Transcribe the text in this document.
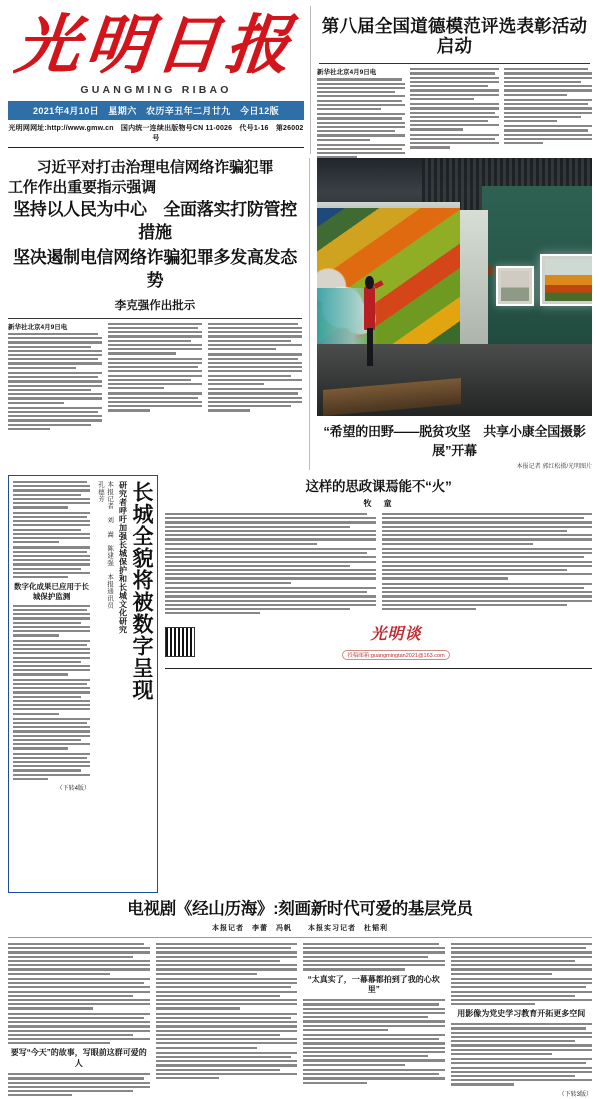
光明日报
GUANGMING RIBAO
2021年4月10日　星期六　农历辛丑年二月廿九　今日12版
光明网网址:http://www.gmw.cn　国内统一连续出版物号CN 11-0026　代号1-16　第26002号
第八届全国道德模范评选表彰活动启动
新华社北京4月9日电
习近平对打击治理电信网络诈骗犯罪
工作作出重要指示强调
坚持以人民为中心　全面落实打防管控措施
坚决遏制电信网络诈骗犯罪多发高发态势
李克强作出批示
新华社北京4月9日电
“希望的田野——脱贫攻坚　共享小康全国摄影展”开幕
本报记者 郭红松摄/光明图片
长城全貌将被数字呈现
研究者呼吁加强长城保护和长城文化研究
本报记者　刘　嵩　陈建强　本报通讯员　孔德芳
数字化成果已应用于长城保护监测
（下转4版）
这样的思政课焉能不“火”
牧　童
光明谈
投稿邮箱:guangmingtan2021@163.com
电视剧《经山历海》:刻画新时代可爱的基层党员
本报记者　李蕾　冯帆　　本报实习记者　杜韬利
要写“今天”的故事，写眼前这群可爱的人
“太真实了，一幕幕都拍到了我的心坎里”
用影像为党史学习教育开拓更多空间
（下转3版）
